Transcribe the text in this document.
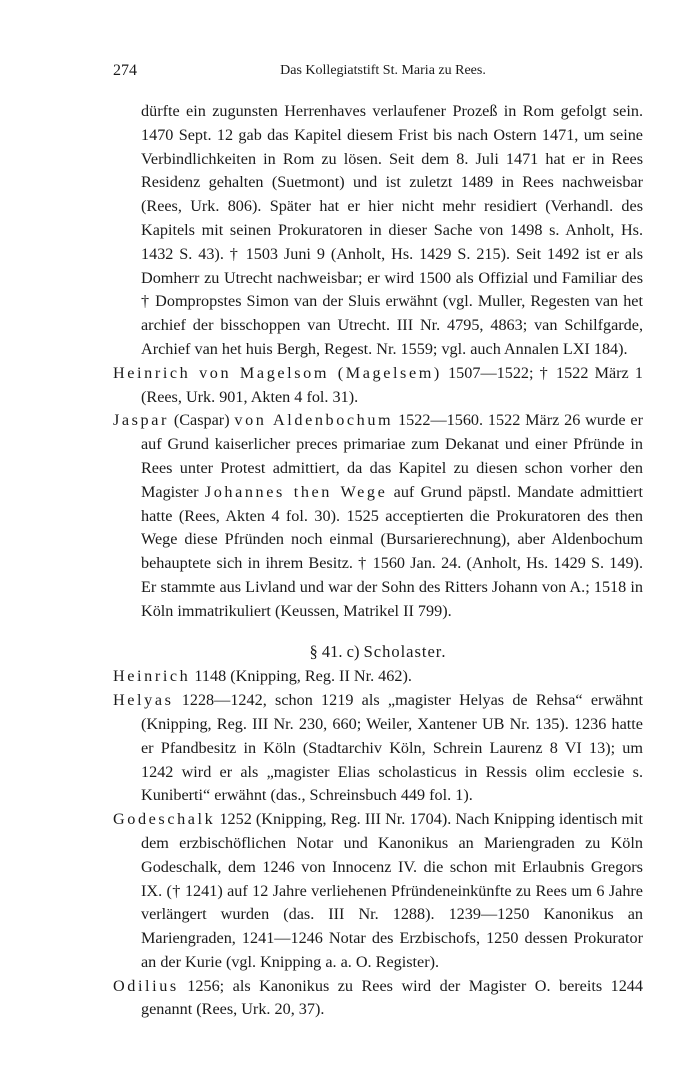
274	Das Kollegiatstift St. Maria zu Rees.

dürfte ein zugunsten Herrenhaves verlaufener Prozeß in Rom gefolgt sein. 1470 Sept. 12 gab das Kapitel diesem Frist bis nach Ostern 1471, um seine Verbindlichkeiten in Rom zu lösen. Seit dem 8. Juli 1471 hat er in Rees Residenz gehalten (Suetmont) und ist zuletzt 1489 in Rees nachweisbar (Rees, Urk. 806). Später hat er hier nicht mehr residiert (Verhandl. des Kapitels mit seinen Prokuratoren in dieser Sache von 1498 s. Anholt, Hs. 1432 S. 43). † 1503 Juni 9 (Anholt, Hs. 1429 S. 215). Seit 1492 ist er als Domherr zu Utrecht nachweisbar; er wird 1500 als Offizial und Familiar des † Dompropstes Simon van der Sluis erwähnt (vgl. Muller, Regesten van het archief der bisschoppen van Utrecht. III Nr. 4795, 4863; van Schilfgarde, Archief van het huis Bergh, Regest. Nr. 1559; vgl. auch Annalen LXI 184).

Heinrich von Magelsom (Magelsem) 1507—1522; † 1522 März 1 (Rees, Urk. 901, Akten 4 fol. 31).

Jaspar (Caspar) von Aldenbochum 1522—1560. 1522 März 26 wurde er auf Grund kaiserlicher preces primariae zum Dekanat und einer Pfründe in Rees unter Protest admittiert, da das Kapitel zu diesen schon vorher den Magister Johannes then Wege auf Grund päpstl. Mandate admittiert hatte (Rees, Akten 4 fol. 30). 1525 acceptierten die Prokuratoren des then Wege diese Pfründen noch einmal (Bursarierechnung), aber Aldenbochum behauptete sich in ihrem Besitz. † 1560 Jan. 24. (Anholt, Hs. 1429 S. 149). Er stammte aus Livland und war der Sohn des Ritters Johann von A.; 1518 in Köln immatrikuliert (Keussen, Matrikel II 799).

§ 41. c) Scholaster.

Heinrich 1148 (Knipping, Reg. II Nr. 462).

Helyas 1228—1242, schon 1219 als „magister Helyas de Rehsa“ erwähnt (Knipping, Reg. III Nr. 230, 660; Weiler, Xantener UB Nr. 135). 1236 hatte er Pfandbesitz in Köln (Stadtarchiv Köln, Schrein Laurenz 8 VI 13); um 1242 wird er als „magister Elias scholasticus in Ressis olim ecclesie s. Kuniberti“ erwähnt (das., Schreinsbuch 449 fol. 1).

Godeschalk 1252 (Knipping, Reg. III Nr. 1704). Nach Knipping identisch mit dem erzbischöflichen Notar und Kanonikus an Mariengraden zu Köln Godeschalk, dem 1246 von Innocenz IV. die schon mit Erlaubnis Gregors IX. († 1241) auf 12 Jahre verliehenen Pfründeneinkünfte zu Rees um 6 Jahre verlängert wurden (das. III Nr. 1288). 1239—1250 Kanonikus an Mariengraden, 1241—1246 Notar des Erzbischofs, 1250 dessen Prokurator an der Kurie (vgl. Knipping a. a. O. Register).

Odilius 1256; als Kanonikus zu Rees wird der Magister O. bereits 1244 genannt (Rees, Urk. 20, 37).
